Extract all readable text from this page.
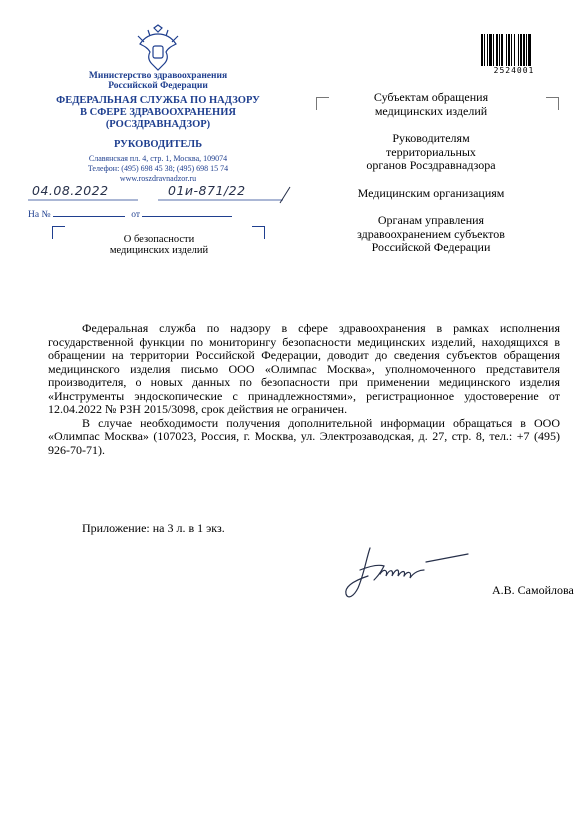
Министерство здравоохранения
Российской Федерации
ФЕДЕРАЛЬНАЯ СЛУЖБА ПО НАДЗОРУ
В СФЕРЕ ЗДРАВООХРАНЕНИЯ
(РОСЗДРАВНАДЗОР)
РУКОВОДИТЕЛЬ
Славянская пл. 4, стр. 1, Москва, 109074
Телефон: (495) 698 45 38; (495) 698 15 74
www.roszdravnadzor.ru
04.08.2022	01и-871/22
На №	от
О безопасности
медицинских изделий
2524001

Субъектам обращения
медицинских изделий

Руководителям
территориальных
органов Росздравнадзора

Медицинским организациям

Органам управления
здравоохранением субъектов
Российской Федерации

Федеральная служба по надзору в сфере здравоохранения в рамках исполнения государственной функции по мониторингу безопасности медицинских изделий, находящихся в обращении на территории Российской Федерации, доводит до сведения субъектов обращения медицинского изделия письмо ООО «Олимпас Москва», уполномоченного представителя производителя, о новых данных по безопасности при применении медицинского изделия «Инструменты эндоскопические с принадлежностями», регистрационное удостоверение от 12.04.2022 № РЗН 2015/3098, срок действия не ограничен.

В случае необходимости получения дополнительной информации обращаться в ООО «Олимпас Москва» (107023, Россия, г. Москва, ул. Электрозаводская, д. 27, стр. 8, тел.: +7 (495) 926-70-71).

Приложение: на 3 л. в 1 экз.
А.В. Самойлова
